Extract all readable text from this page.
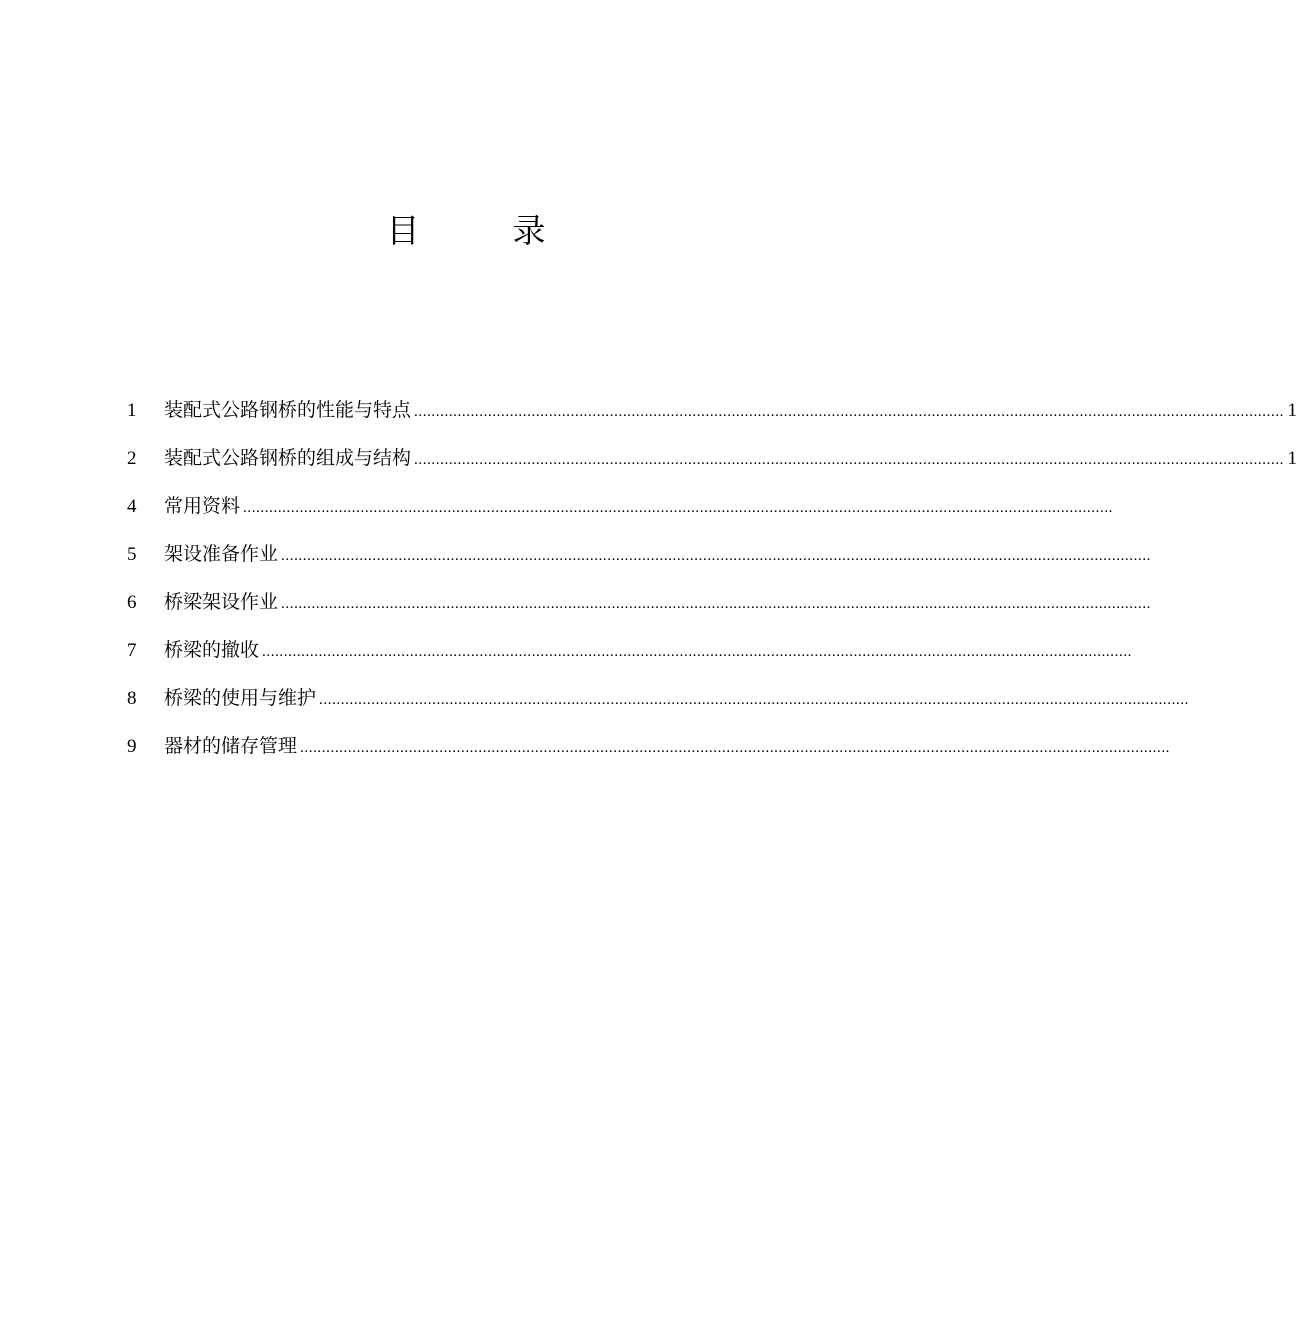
目　录
1	装配式公路钢桥的性能与特点 ........................................................................................................................................................................................................ 1
2	装配式公路钢桥的组成与结构 ........................................................................................................................................................................................................ 1
4	常用资料 ........................................................................................................................................................................................................
5	架设准备作业 ........................................................................................................................................................................................................
6	桥梁架设作业 ........................................................................................................................................................................................................
7	桥梁的撤收 ........................................................................................................................................................................................................
8	桥梁的使用与维护 ........................................................................................................................................................................................................
9	器材的储存管理 ........................................................................................................................................................................................................
